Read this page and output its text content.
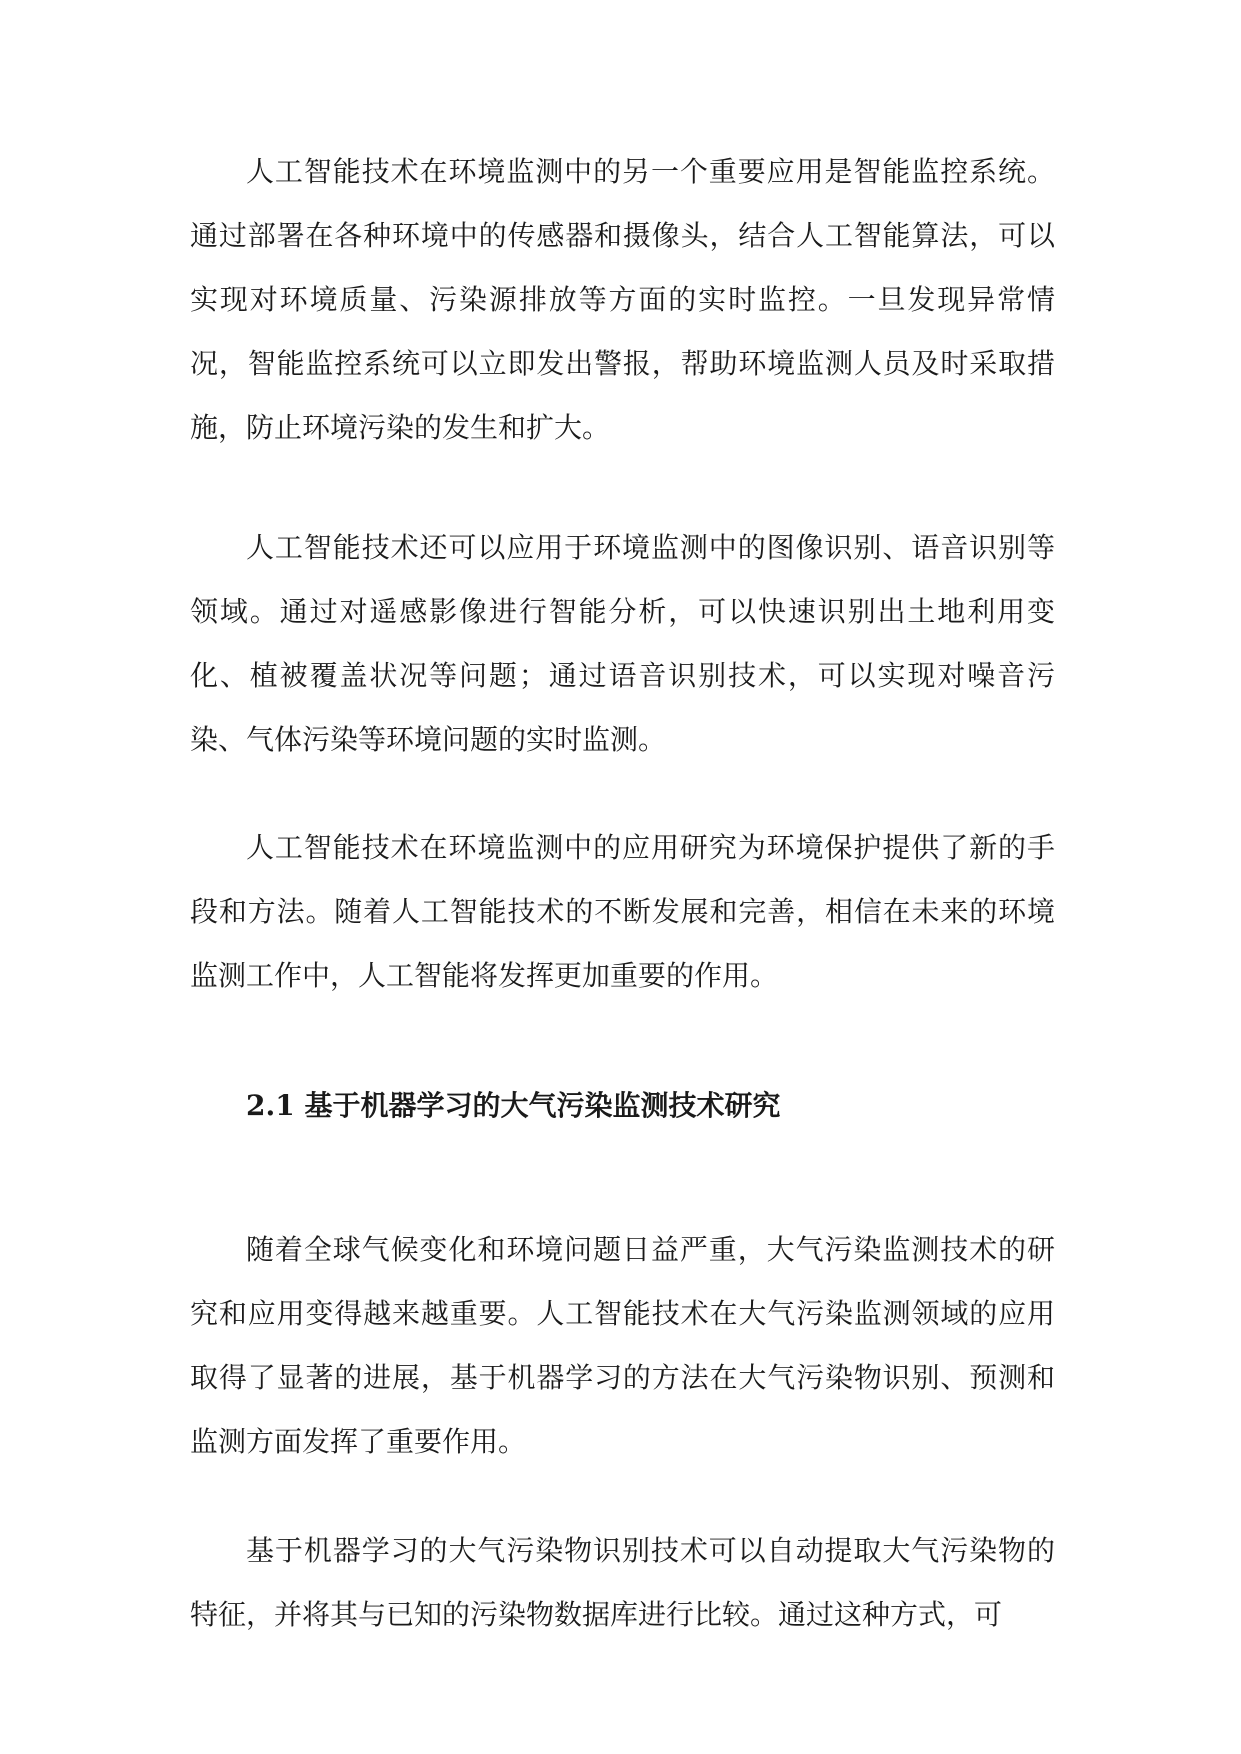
人工智能技术在环境监测中的另一个重要应用是智能监控系统。通过部署在各种环境中的传感器和摄像头，结合人工智能算法，可以实现对环境质量、污染源排放等方面的实时监控。一旦发现异常情况，智能监控系统可以立即发出警报，帮助环境监测人员及时采取措施，防止环境污染的发生和扩大。

人工智能技术还可以应用于环境监测中的图像识别、语音识别等领域。通过对遥感影像进行智能分析，可以快速识别出土地利用变化、植被覆盖状况等问题；通过语音识别技术，可以实现对噪音污染、气体污染等环境问题的实时监测。

人工智能技术在环境监测中的应用研究为环境保护提供了新的手段和方法。随着人工智能技术的不断发展和完善，相信在未来的环境监测工作中，人工智能将发挥更加重要的作用。

2.1 基于机器学习的大气污染监测技术研究

随着全球气候变化和环境问题日益严重，大气污染监测技术的研究和应用变得越来越重要。人工智能技术在大气污染监测领域的应用取得了显著的进展，基于机器学习的方法在大气污染物识别、预测和监测方面发挥了重要作用。

基于机器学习的大气污染物识别技术可以自动提取大气污染物的特征，并将其与已知的污染物数据库进行比较。通过这种方式，可
